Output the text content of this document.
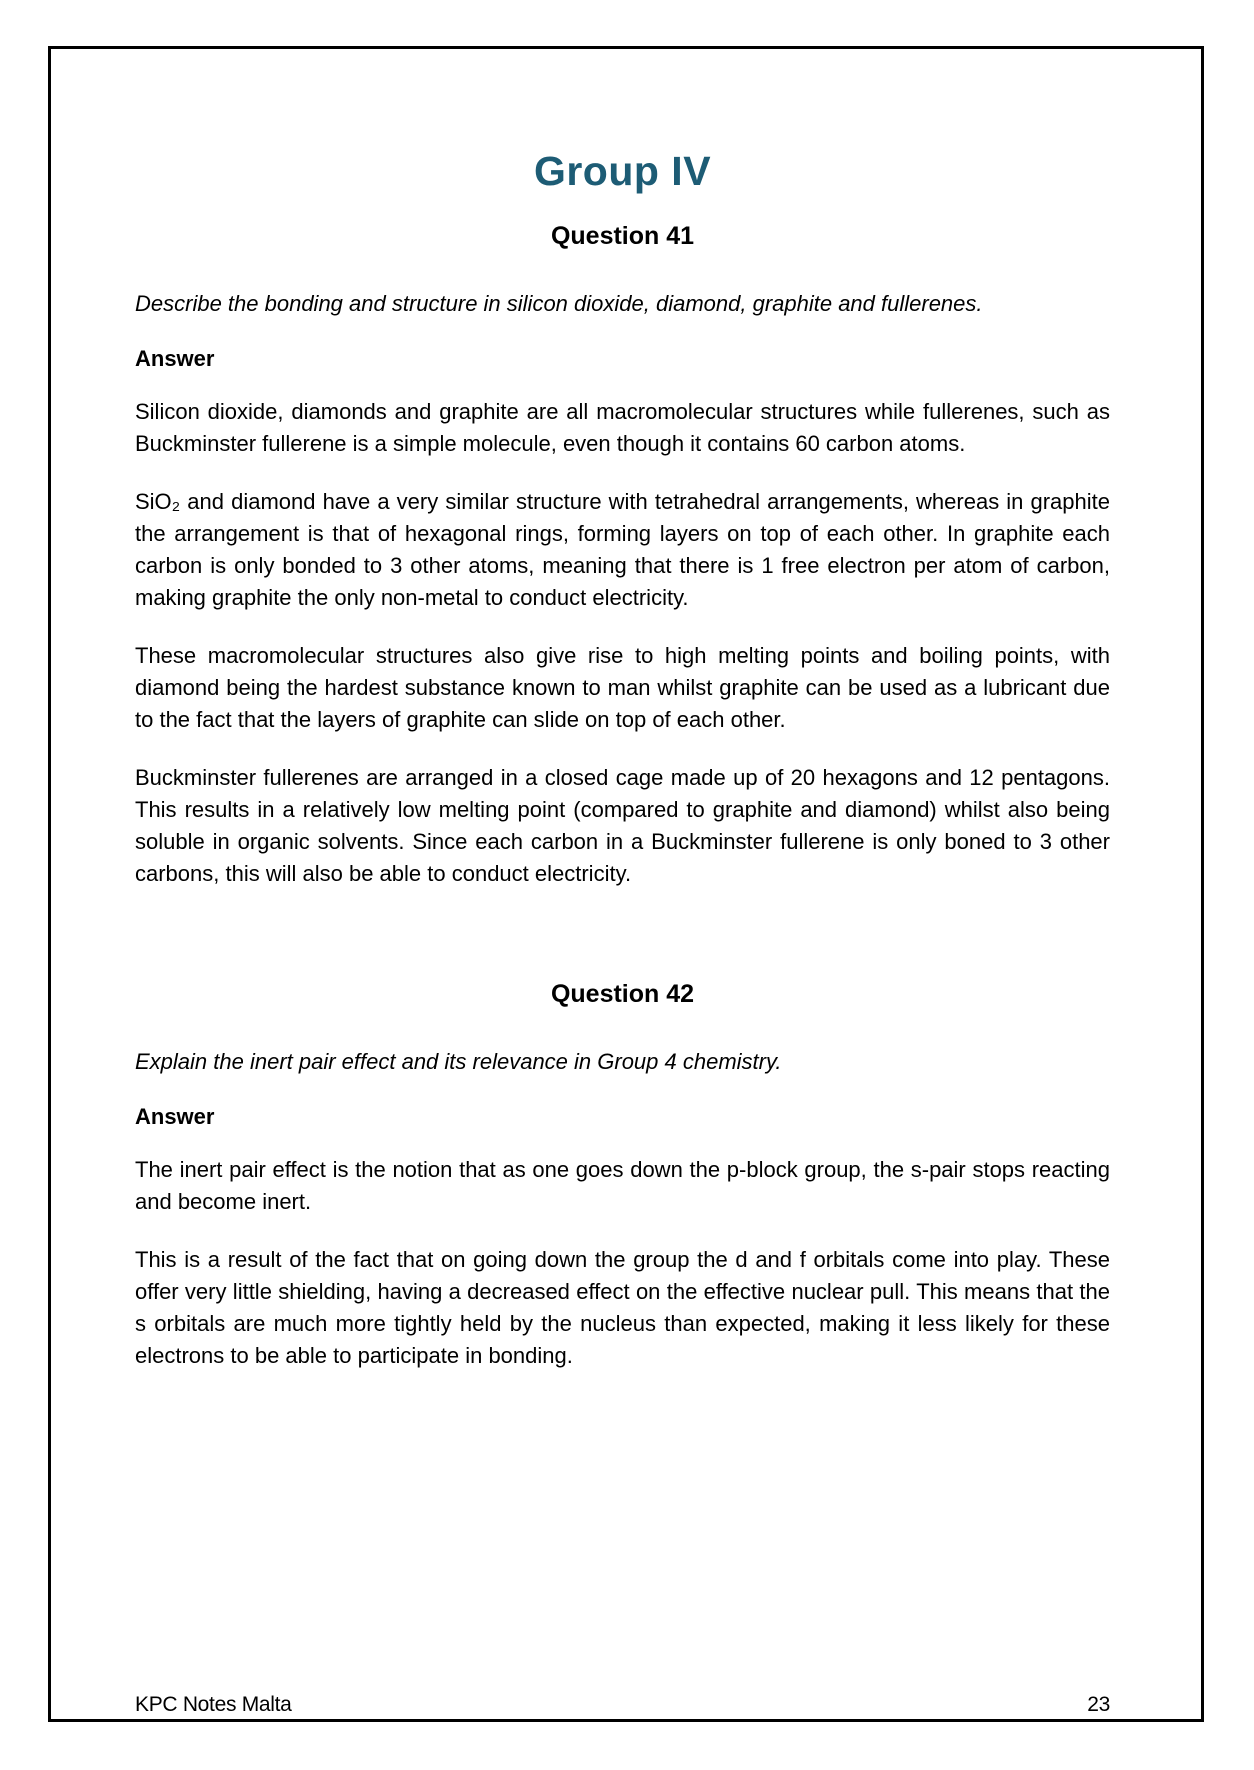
Group IV
Question 41

Describe the bonding and structure in silicon dioxide, diamond, graphite and fullerenes.

Answer

Silicon dioxide, diamonds and graphite are all macromolecular structures while fullerenes, such as Buckminster fullerene is a simple molecule, even though it contains 60 carbon atoms.

SiO₂ and diamond have a very similar structure with tetrahedral arrangements, whereas in graphite the arrangement is that of hexagonal rings, forming layers on top of each other. In graphite each carbon is only bonded to 3 other atoms, meaning that there is 1 free electron per atom of carbon, making graphite the only non-metal to conduct electricity.

These macromolecular structures also give rise to high melting points and boiling points, with diamond being the hardest substance known to man whilst graphite can be used as a lubricant due to the fact that the layers of graphite can slide on top of each other.

Buckminster fullerenes are arranged in a closed cage made up of 20 hexagons and 12 pentagons. This results in a relatively low melting point (compared to graphite and diamond) whilst also being soluble in organic solvents. Since each carbon in a Buckminster fullerene is only boned to 3 other carbons, this will also be able to conduct electricity.

Question 42

Explain the inert pair effect and its relevance in Group 4 chemistry.

Answer

The inert pair effect is the notion that as one goes down the p-block group, the s-pair stops reacting and become inert.

This is a result of the fact that on going down the group the d and f orbitals come into play. These offer very little shielding, having a decreased effect on the effective nuclear pull. This means that the s orbitals are much more tightly held by the nucleus than expected, making it less likely for these electrons to be able to participate in bonding.

KPC Notes Malta	23
